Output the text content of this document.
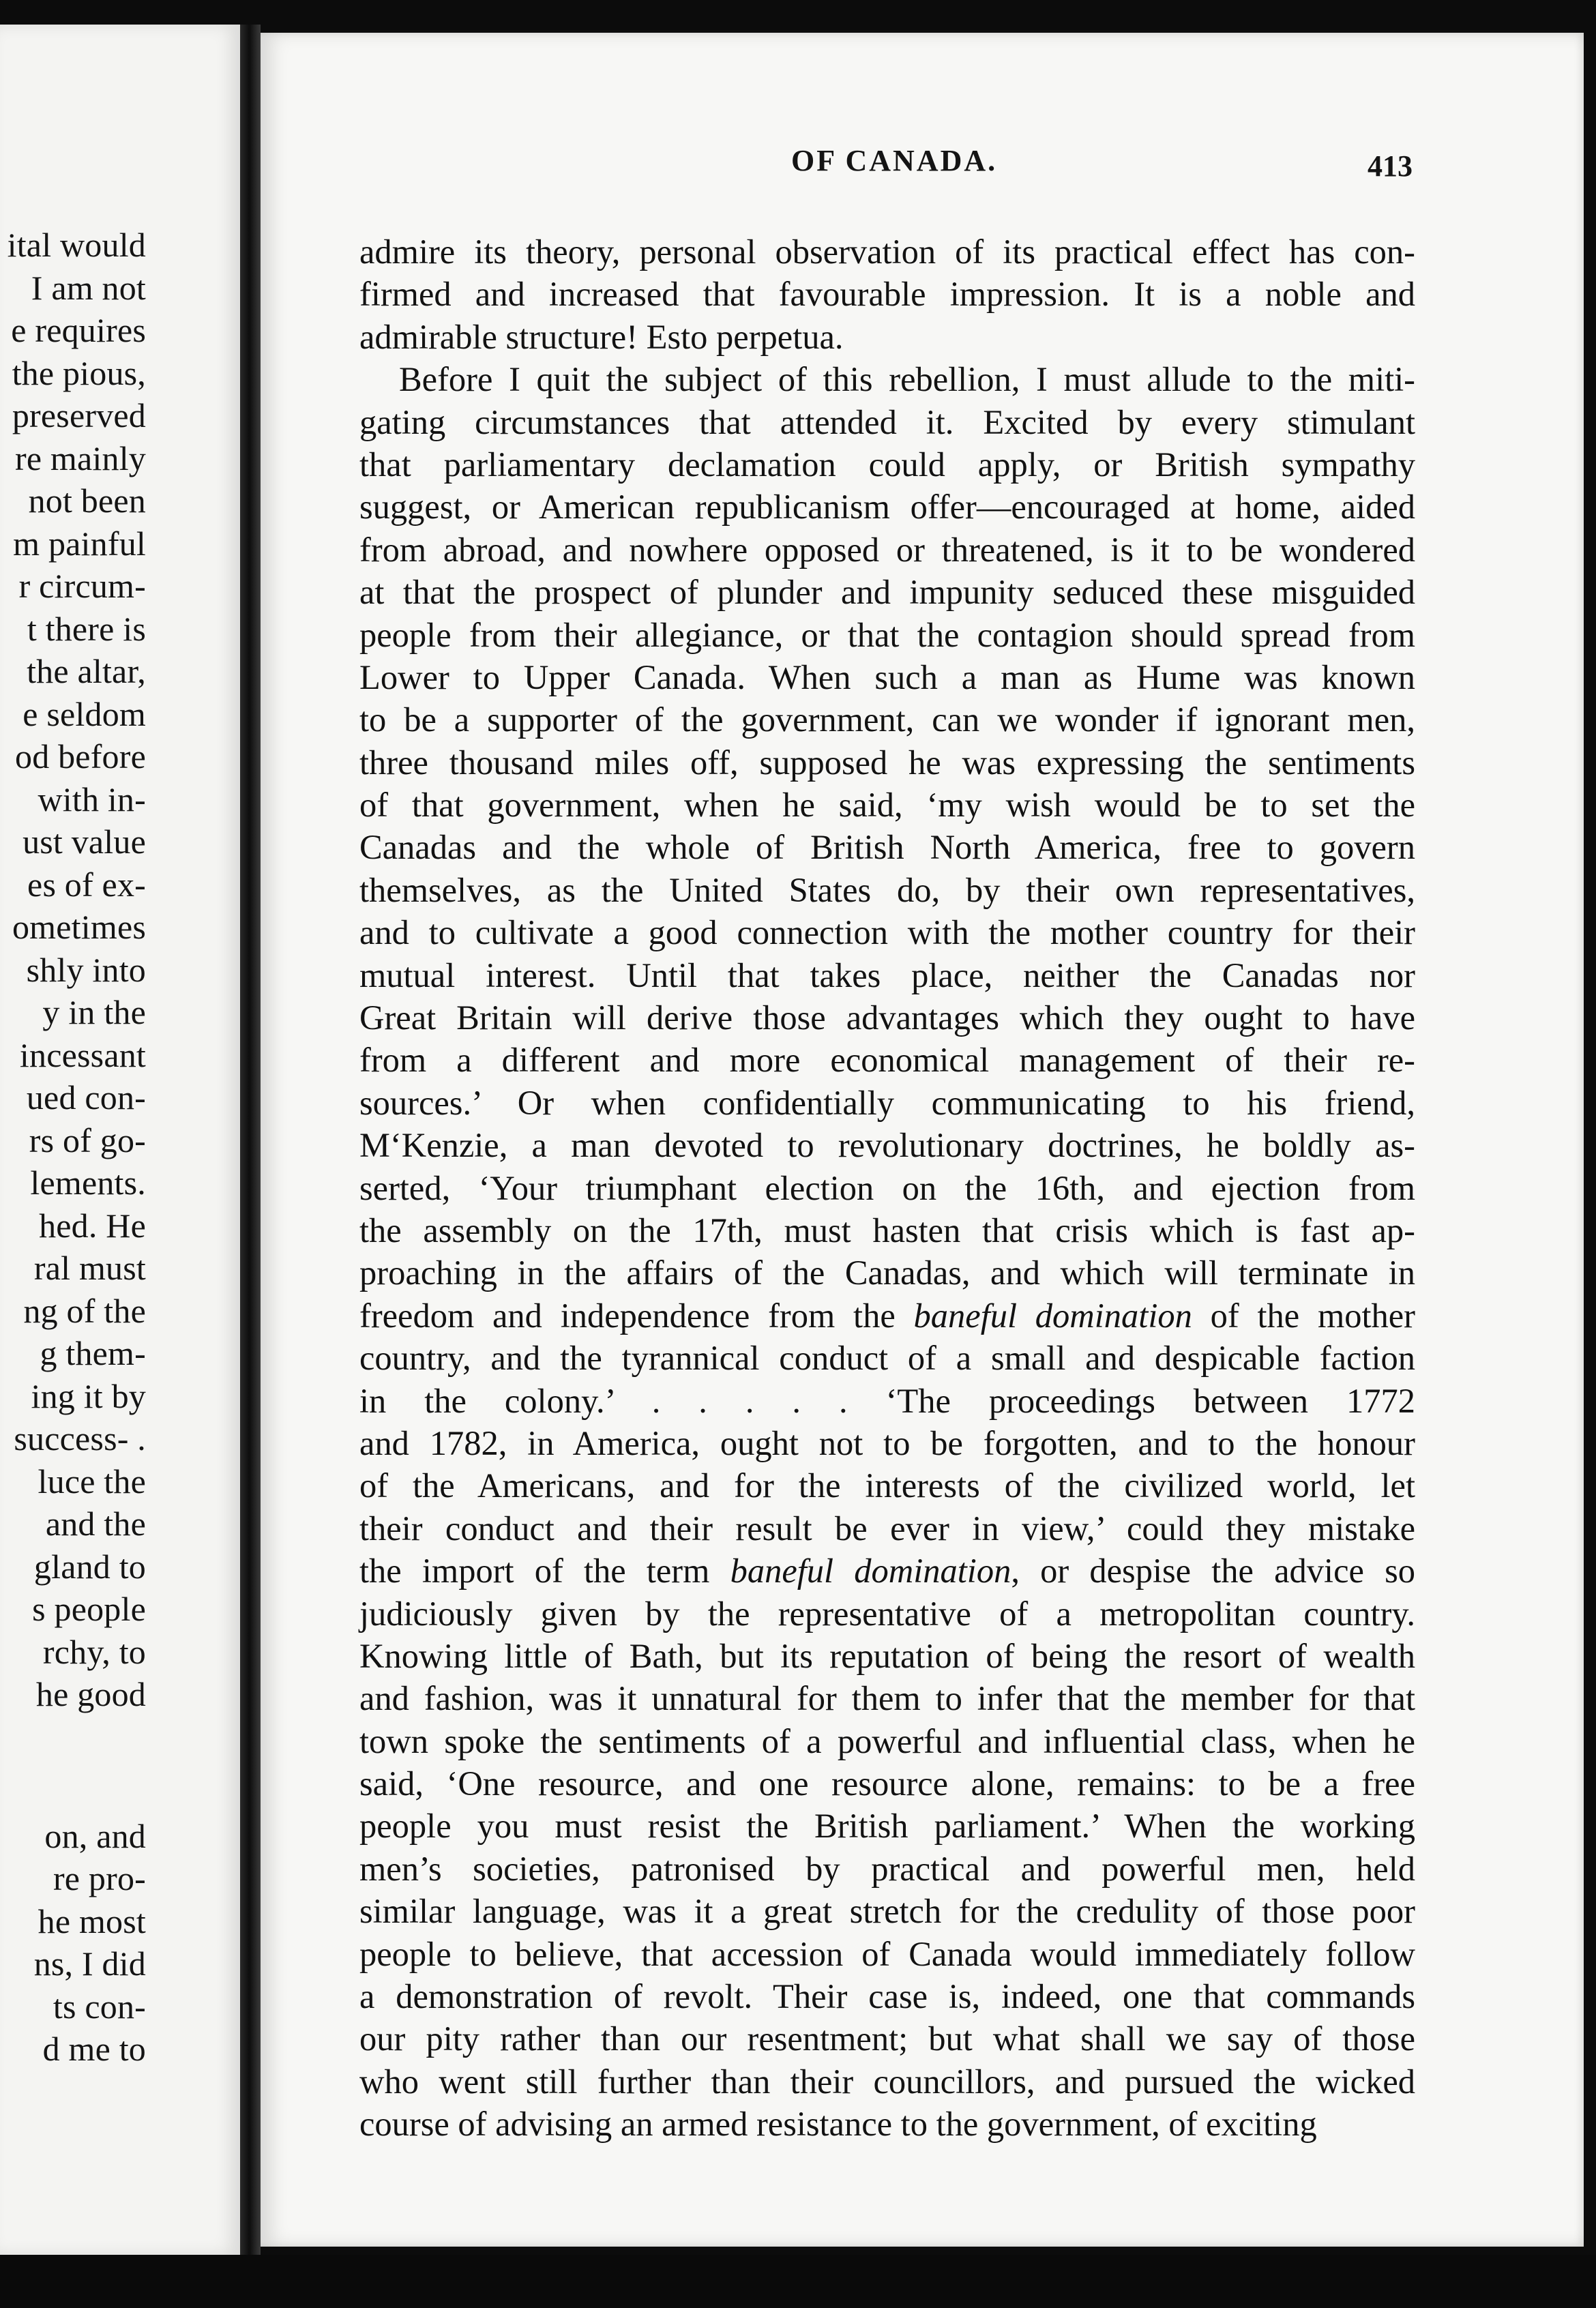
ital would
I am not
e requires
the pious,
preserved
re mainly
not been
m painful
r circum-
t there is
the altar,
e seldom
od before
with in-
ust value
es of ex-
ometimes
shly into
y in the
incessant
ued con-
rs of go-
lements.
hed. He
ral must
ng of the
g them-
ing it by
success- .
luce the
and the
gland to
s people
rchy, to
he good
on, and
re pro-
he most
ns, I did
ts con-
d me to
OF CANADA.	413
admire its theory, personal observation of its practical effect has con-
firmed and increased that favourable impression. It is a noble and
admirable structure! Esto perpetua.
Before I quit the subject of this rebellion, I must allude to the miti-
gating circumstances that attended it. Excited by every stimulant
that parliamentary declamation could apply, or British sympathy
suggest, or American republicanism offer—encouraged at home, aided
from abroad, and nowhere opposed or threatened, is it to be wondered
at that the prospect of plunder and impunity seduced these misguided
people from their allegiance, or that the contagion should spread from
Lower to Upper Canada. When such a man as Hume was known
to be a supporter of the government, can we wonder if ignorant men,
three thousand miles off, supposed he was expressing the sentiments
of that government, when he said, ‘my wish would be to set the
Canadas and the whole of British North America, free to govern
themselves, as the United States do, by their own representatives,
and to cultivate a good connection with the mother country for their
mutual interest. Until that takes place, neither the Canadas nor
Great Britain will derive those advantages which they ought to have
from a different and more economical management of their re-
sources.’ Or when confidentially communicating to his friend,
M‘Kenzie, a man devoted to revolutionary doctrines, he boldly as-
serted, ‘Your triumphant election on the 16th, and ejection from
the assembly on the 17th, must hasten that crisis which is fast ap-
proaching in the affairs of the Canadas, and which will terminate in
freedom and independence from the baneful domination of the mother
country, and the tyrannical conduct of a small and despicable faction
in the colony.’ . . . . . ‘The proceedings between 1772
and 1782, in America, ought not to be forgotten, and to the honour
of the Americans, and for the interests of the civilized world, let
their conduct and their result be ever in view,’ could they mistake
the import of the term baneful domination, or despise the advice so
judiciously given by the representative of a metropolitan country.
Knowing little of Bath, but its reputation of being the resort of wealth
and fashion, was it unnatural for them to infer that the member for that
town spoke the sentiments of a powerful and influential class, when he
said, ‘One resource, and one resource alone, remains: to be a free
people you must resist the British parliament.’ When the working
men’s societies, patronised by practical and powerful men, held
similar language, was it a great stretch for the credulity of those poor
people to believe, that accession of Canada would immediately follow
a demonstration of revolt. Their case is, indeed, one that commands
our pity rather than our resentment; but what shall we say of those
who went still further than their councillors, and pursued the wicked
course of advising an armed resistance to the government, of exciting
